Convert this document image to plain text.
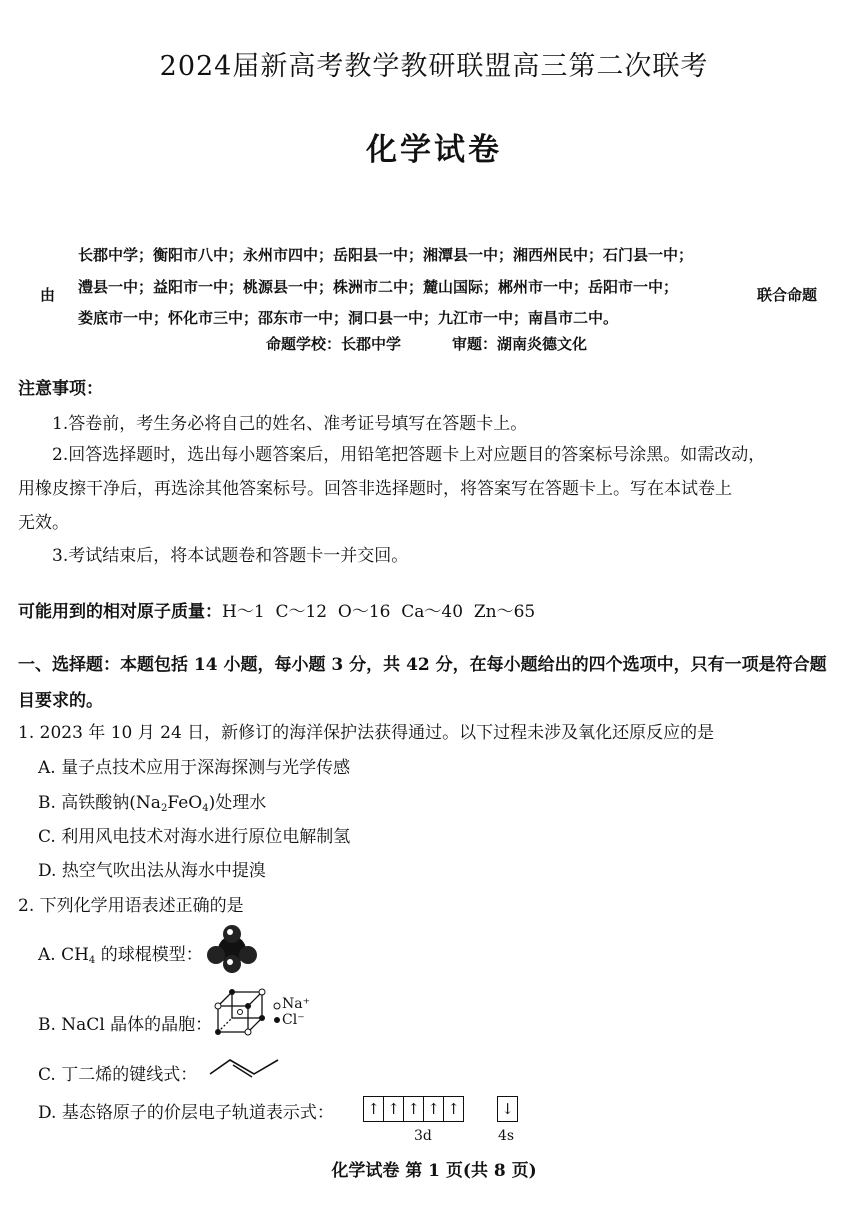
2024届新高考教学教研联盟高三第二次联考
化学试卷
长郡中学；衡阳市八中；永州市四中；岳阳县一中；湘潭县一中；湘西州民中；石门县一中；
澧县一中；益阳市一中；桃源县一中；株洲市二中；麓山国际；郴州市一中；岳阳市一中；
由	联合命题
娄底市一中；怀化市三中；邵东市一中；洞口县一中；九江市一中；南昌市二中。
命题学校：长郡中学	审题：湖南炎德文化
注意事项：
1.答卷前，考生务必将自己的姓名、准考证号填写在答题卡上。
2.回答选择题时，选出每小题答案后，用铅笔把答题卡上对应题目的答案标号涂黑。如需改动，
用橡皮擦干净后，再选涂其他答案标号。回答非选择题时，将答案写在答题卡上。写在本试卷上
无效。
3.考试结束后，将本试题卷和答题卡一并交回。
可能用到的相对原子质量：H～1  C～12  O～16  Ca～40  Zn～65
一、选择题：本题包括 14 小题，每小题 3 分，共 42 分，在每小题给出的四个选项中，只有一项是符合题
目要求的。
1. 2023 年 10 月 24 日，新修订的海洋保护法获得通过。以下过程未涉及氧化还原反应的是
A. 量子点技术应用于深海探测与光学传感
B. 高铁酸钠$(Na_2FeO_4)$处理水
C. 利用风电技术对海水进行原位电解制氢
D. 热空气吹出法从海水中提溴
2. 下列化学用语表述正确的是
A. $CH_4$ 的球棍模型：
B. NaCl 晶体的晶胞：
Na⁺
Cl⁻
C. 丁二烯的键线式：
D. 基态铬原子的价层电子轨道表示式： ↑ ↑ ↑ ↑ ↑	↓
3d	4s
化学试卷 第 1 页(共 8 页)
